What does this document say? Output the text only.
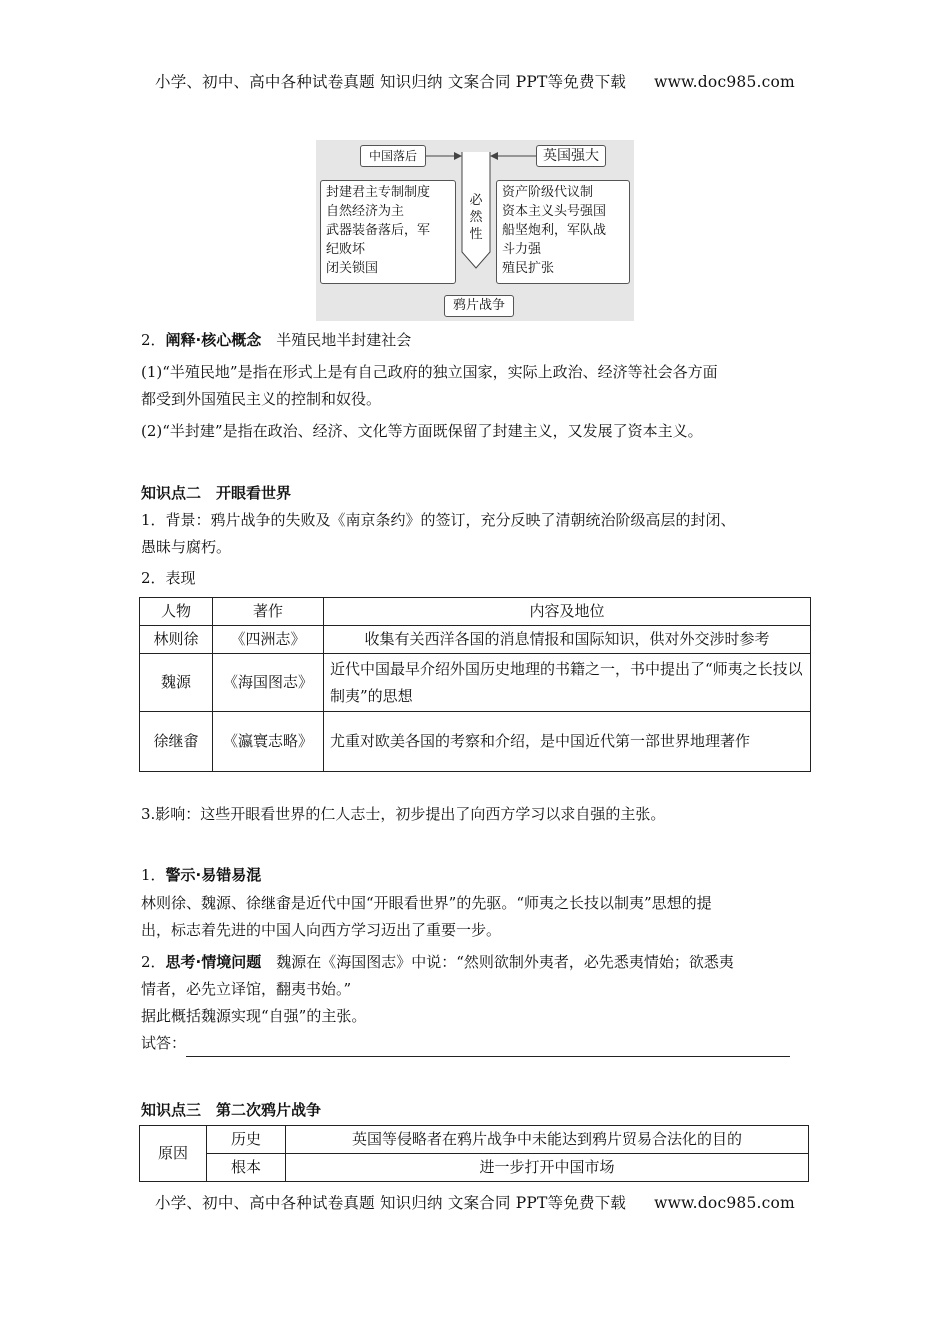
小学、初中、高中各种试卷真题 知识归纳 文案合同 PPT等免费下载 www.doc985.com
中国落后	英国强大
封建君主专制制度
自然经济为主
武器装备落后，军
纪败坏
闭关锁国
必
然
性
资产阶级代议制
资本主义头号强国
船坚炮利，军队战
斗力强
殖民扩张
鸦片战争
2．阐释·核心概念　 半殖民地半封建社会
(1)“半殖民地”是指在形式上是有自己政府的独立国家，实际上政治、经济等社会各方面
都受到外国殖民主义的控制和奴役。
(2)“半封建”是指在政治、经济、文化等方面既保留了封建主义，又发展了资本主义。
知识点二　开眼看世界
1．背景：鸦片战争的失败及《南京条约》的签订，充分反映了清朝统治阶级高层的封闭、
愚昧与腐朽。
2．表现
人物	著作	内容及地位
林则徐	《四洲志》	收集有关西洋各国的消息情报和国际知识，供对外交涉时参考
魏源	《海国图志》	近代中国最早介绍外国历史地理的书籍之一，书中提出了“师夷之长技以制夷”的思想
徐继畬	《瀛寰志略》	尤重对欧美各国的考察和介绍，是中国近代第一部世界地理著作
3.影响：这些开眼看世界的仁人志士，初步提出了向西方学习以求自强的主张。
1．警示·易错易混
林则徐、魏源、徐继畬是近代中国“开眼看世界”的先驱。“师夷之长技以制夷”思想的提
出，标志着先进的中国人向西方学习迈出了重要一步。
2．思考·情境问题　 魏源在《海国图志》中说：“然则欲制外夷者，必先悉夷情始；欲悉夷
情者，必先立译馆，翻夷书始。”
据此概括魏源实现“自强”的主张。
试答：
知识点三　第二次鸦片战争
原因	历史	英国等侵略者在鸦片战争中未能达到鸦片贸易合法化的目的
	根本	进一步打开中国市场
小学、初中、高中各种试卷真题 知识归纳 文案合同 PPT等免费下载 www.doc985.com
